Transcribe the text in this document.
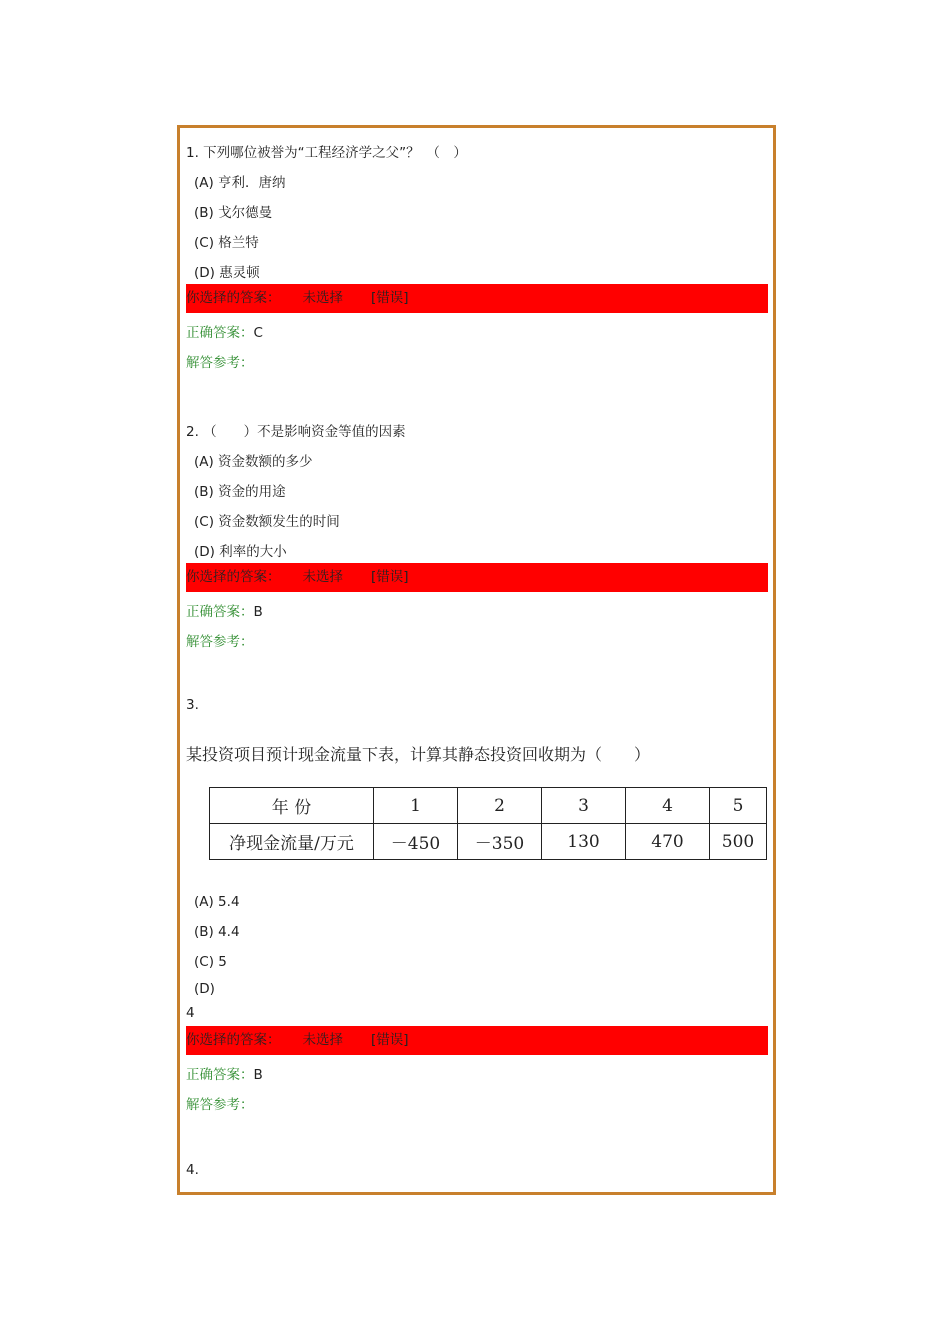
1. 下列哪位被誉为“工程经济学之父”？　（　）
(A) 亨利．唐纳
(B) 戈尔德曼
(C) 格兰特
(D) 惠灵顿
你选择的答案： 未选择 [错误]
正确答案：C
解答参考：
2. （　　）不是影响资金等值的因素
(A) 资金数额的多少
(B) 资金的用途
(C) 资金数额发生的时间
(D) 利率的大小
你选择的答案： 未选择 [错误]
正确答案：B
解答参考：
3.
某投资项目预计现金流量下表，计算其静态投资回收期为（　　）
年 份	1	2	3	4	5
净现金流量/万元	－450	－350	130	470	500
(A) 5.4
(B) 4.4
(C) 5
(D)
4
你选择的答案： 未选择 [错误]
正确答案：B
解答参考：
4.
